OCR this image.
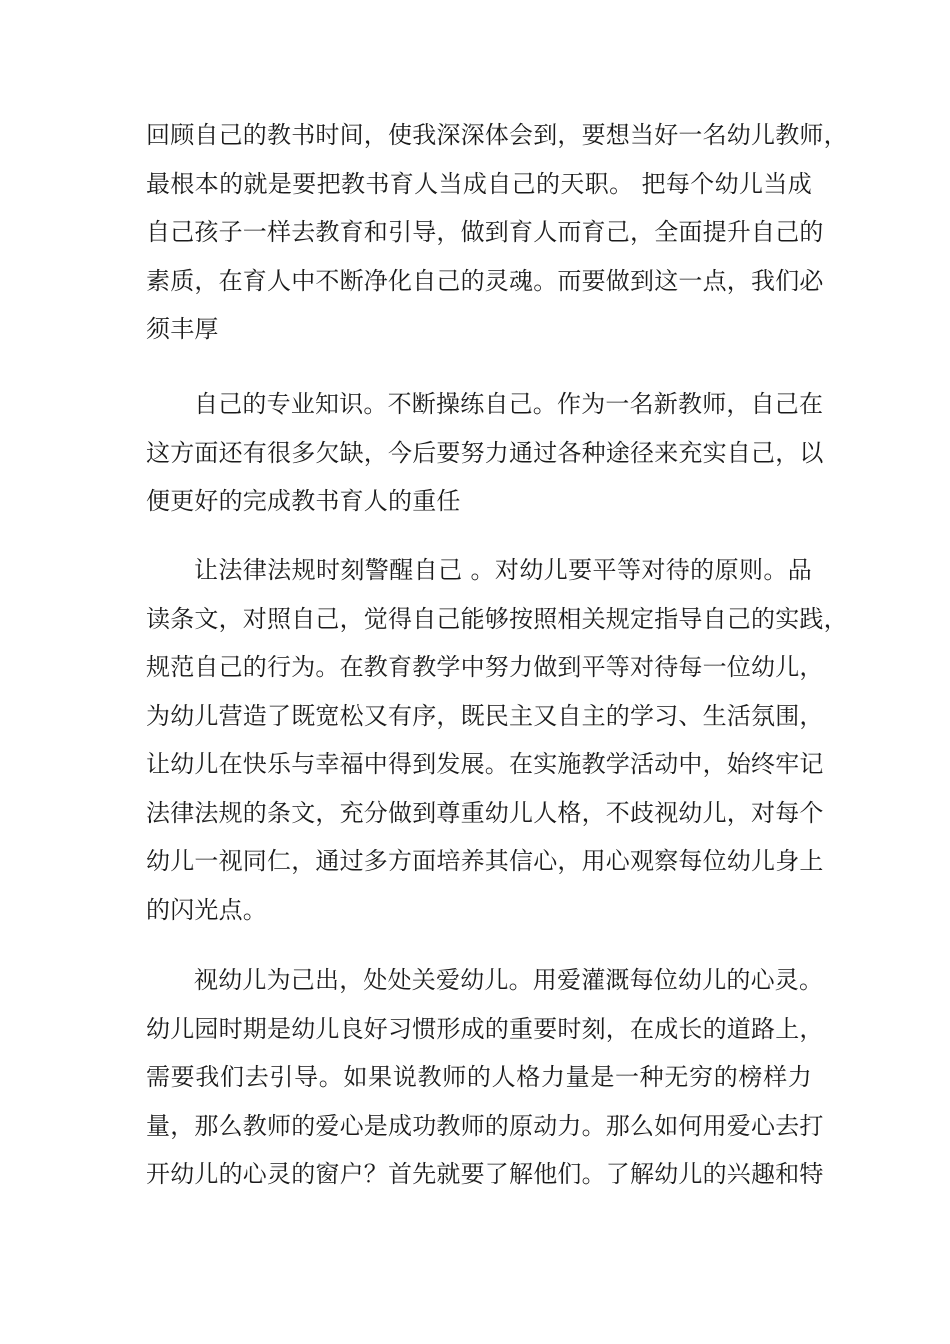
回顾自己的教书时间，使我深深体会到，要想当好一名幼儿教师，
最根本的就是要把教书育人当成自己的天职。 把每个幼儿当成
自己孩子一样去教育和引导，做到育人而育己，全面提升自己的
素质，在育人中不断净化自己的灵魂。而要做到这一点，我们必
须丰厚
自己的专业知识。不断操练自己。作为一名新教师，自己在
这方面还有很多欠缺，今后要努力通过各种途径来充实自己，以
便更好的完成教书育人的重任
让法律法规时刻警醒自己 。对幼儿要平等对待的原则。品
读条文，对照自己，觉得自己能够按照相关规定指导自己的实践，
规范自己的行为。在教育教学中努力做到平等对待每一位幼儿，
为幼儿营造了既宽松又有序，既民主又自主的学习、生活氛围，
让幼儿在快乐与幸福中得到发展。在实施教学活动中，始终牢记
法律法规的条文，充分做到尊重幼儿人格，不歧视幼儿，对每个
幼儿一视同仁，通过多方面培养其信心，用心观察每位幼儿身上
的闪光点。
视幼儿为己出，处处关爱幼儿。用爱灌溉每位幼儿的心灵。
幼儿园时期是幼儿良好习惯形成的重要时刻，在成长的道路上，
需要我们去引导。如果说教师的人格力量是一种无穷的榜样力
量，那么教师的爱心是成功教师的原动力。那么如何用爱心去打
开幼儿的心灵的窗户？首先就要了解他们。了解幼儿的兴趣和特
